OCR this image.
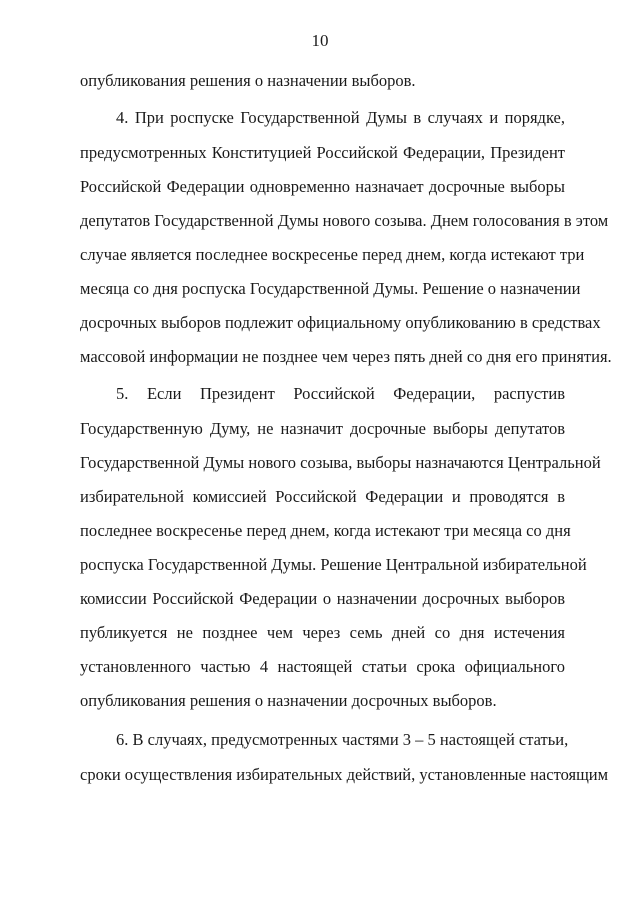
10
опубликования решения о назначении выборов.
4. При роспуске Государственной Думы в случаях и порядке,
предусмотренных Конституцией Российской Федерации, Президент
Российской Федерации одновременно назначает досрочные выборы
депутатов Государственной Думы нового созыва. Днем голосования в этом
случае является последнее воскресенье перед днем, когда истекают три
месяца со дня роспуска Государственной Думы. Решение о назначении
досрочных выборов подлежит официальному опубликованию в средствах
массовой информации не позднее чем через пять дней со дня его принятия.
5. Если Президент Российской Федерации, распустив
Государственную Думу, не назначит досрочные выборы депутатов
Государственной Думы нового созыва, выборы назначаются Центральной
избирательной комиссией Российской Федерации и проводятся в
последнее воскресенье перед днем, когда истекают три месяца со дня
роспуска Государственной Думы. Решение Центральной избирательной
комиссии Российской Федерации о назначении досрочных выборов
публикуется не позднее чем через семь дней со дня истечения
установленного частью 4 настоящей статьи срока официального
опубликования решения о назначении досрочных выборов.
6. В случаях, предусмотренных частями 3 – 5 настоящей статьи,
сроки осуществления избирательных действий, установленные настоящим
